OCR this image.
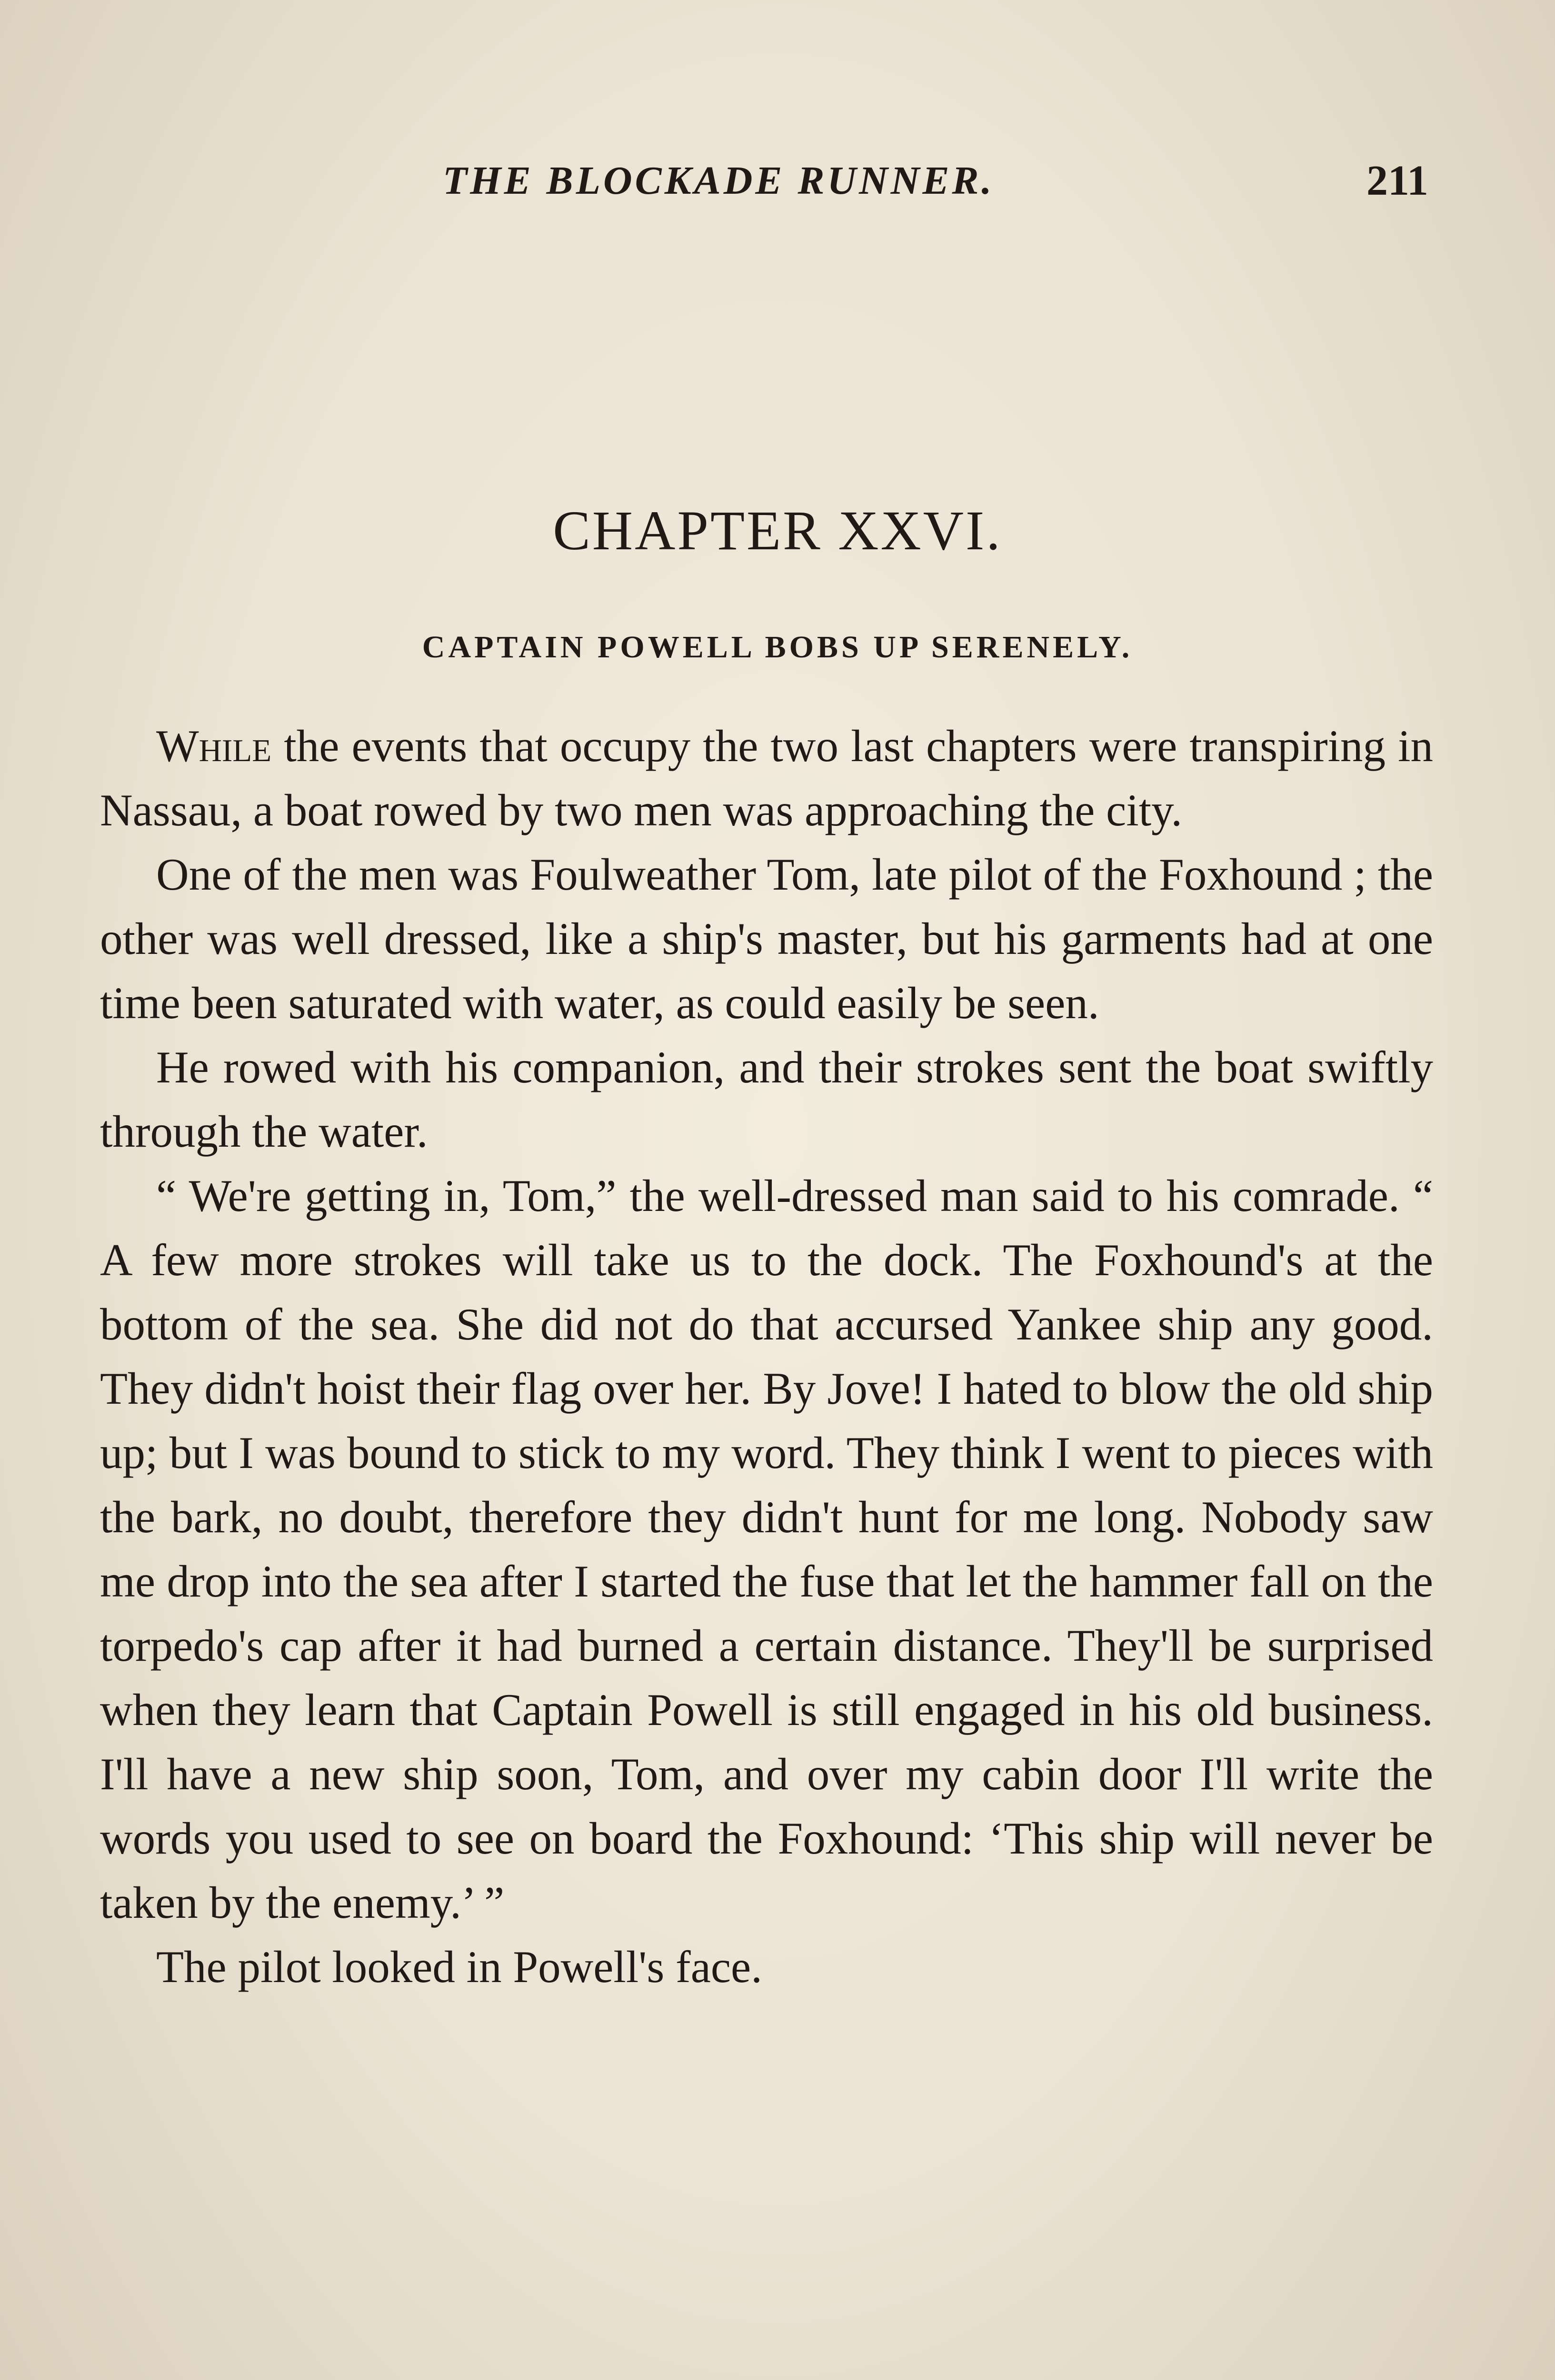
THE BLOCKADE RUNNER.	211
CHAPTER XXVI.
CAPTAIN POWELL BOBS UP SERENELY.

While the events that occupy the two last chapters were transpiring in Nassau, a boat rowed by two men was approaching the city.

One of the men was Foulweather Tom, late pilot of the Foxhound ; the other was well dressed, like a ship's master, but his garments had at one time been saturated with water, as could easily be seen.

He rowed with his companion, and their strokes sent the boat swiftly through the water.

“ We're getting in, Tom,” the well-dressed man said to his comrade. “ A few more strokes will take us to the dock. The Foxhound's at the bottom of the sea. She did not do that accursed Yankee ship any good. They didn't hoist their flag over her. By Jove! I hated to blow the old ship up; but I was bound to stick to my word. They think I went to pieces with the bark, no doubt, therefore they didn't hunt for me long. Nobody saw me drop into the sea after I started the fuse that let the hammer fall on the torpedo's cap after it had burned a certain distance. They'll be surprised when they learn that Captain Powell is still engaged in his old business. I'll have a new ship soon, Tom, and over my cabin door I'll write the words you used to see on board the Foxhound: ‘This ship will never be taken by the enemy.’ ”

The pilot looked in Powell's face.
